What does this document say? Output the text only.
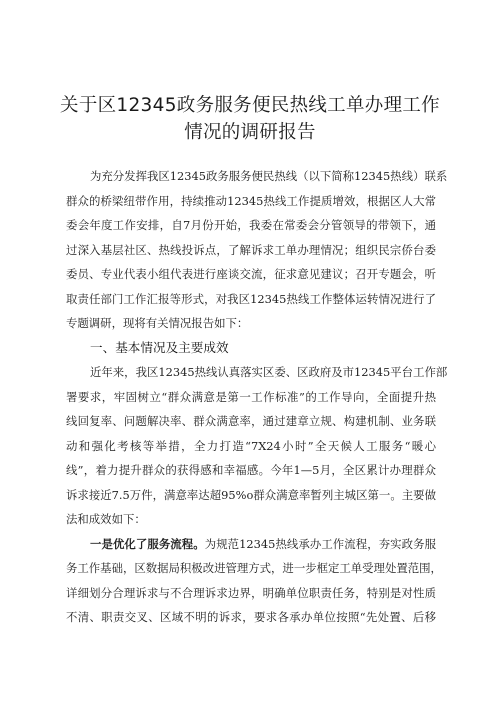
关于区12345政务服务便民热线工单办理工作
情况的调研报告
为充分发挥我区12345政务服务便民热线（以下简称12345热线）联系
群众的桥梁纽带作用，持续推动12345热线工作提质增效，根据区人大常
委会年度工作安排，自7月份开始，我委在常委会分管领导的带领下，通
过深入基层社区、热线投诉点，了解诉求工单办理情况；组织民宗侨台委
委员、专业代表小组代表进行座谈交流，征求意见建议；召开专题会，听
取责任部门工作汇报等形式，对我区12345热线工作整体运转情况进行了
专题调研，现将有关情况报告如下：
一、基本情况及主要成效
近年来，我区12345热线认真落实区委、区政府及市12345平台工作部
署要求，牢固树立“群众满意是第一工作标准”的工作导向，全面提升热
线回复率、问题解决率、群众满意率，通过建章立规、构建机制、业务联
动和强化考核等举措，全力打造“7X24小时”全天候人工服务“暖心
线”，着力提升群众的获得感和幸福感。今年1—5月，全区累计办理群众
诉求接近7.5万件，满意率达超95%o群众满意率暂列主城区第一。主要做
法和成效如下：
一是优化了服务流程。为规范12345热线承办工作流程，夯实政务服
务工作基础，区数据局积极改进管理方式，进一步框定工单受理处置范围，
详细划分合理诉求与不合理诉求边界，明确单位职责任务，特别是对性质
不清、职责交叉、区域不明的诉求，要求各承办单位按照“先处置、后移
